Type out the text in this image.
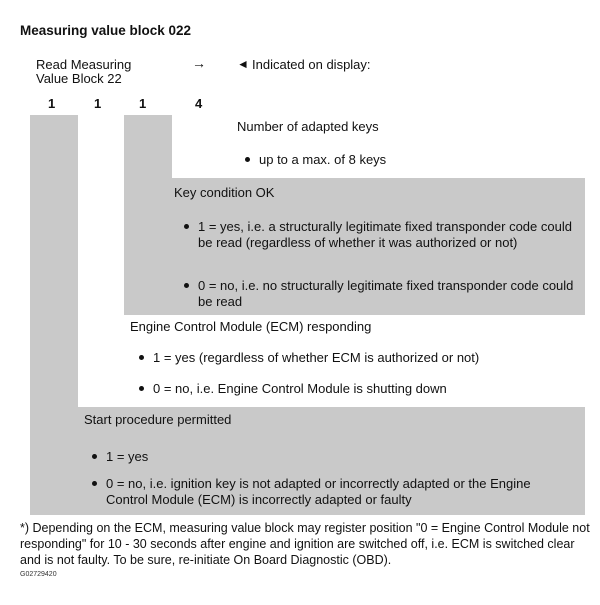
Measuring value block 022
Read Measuring
Value Block 22
→	◄ Indicated on display:
1	1	1	4
Number of adapted keys
up to a max. of 8 keys
Key condition OK
1 = yes, i.e. a structurally legitimate fixed transponder code could be read (regardless of whether it was authorized or not)
0 = no, i.e. no structurally legitimate fixed transponder code could be read
Engine Control Module (ECM) responding
1 = yes (regardless of whether ECM is authorized or not)
0 = no, i.e. Engine Control Module is shutting down
Start procedure permitted
1 = yes
0 = no, i.e. ignition key is not adapted or incorrectly adapted or the Engine Control Module (ECM) is incorrectly adapted or faulty
*) Depending on the ECM, measuring value block may register position "0 = Engine Control Module not responding" for 10 - 30 seconds after engine and ignition are switched off, i.e. ECM is switched clear and is not faulty. To be sure, re-initiate On Board Diagnostic (OBD).
G02729420
